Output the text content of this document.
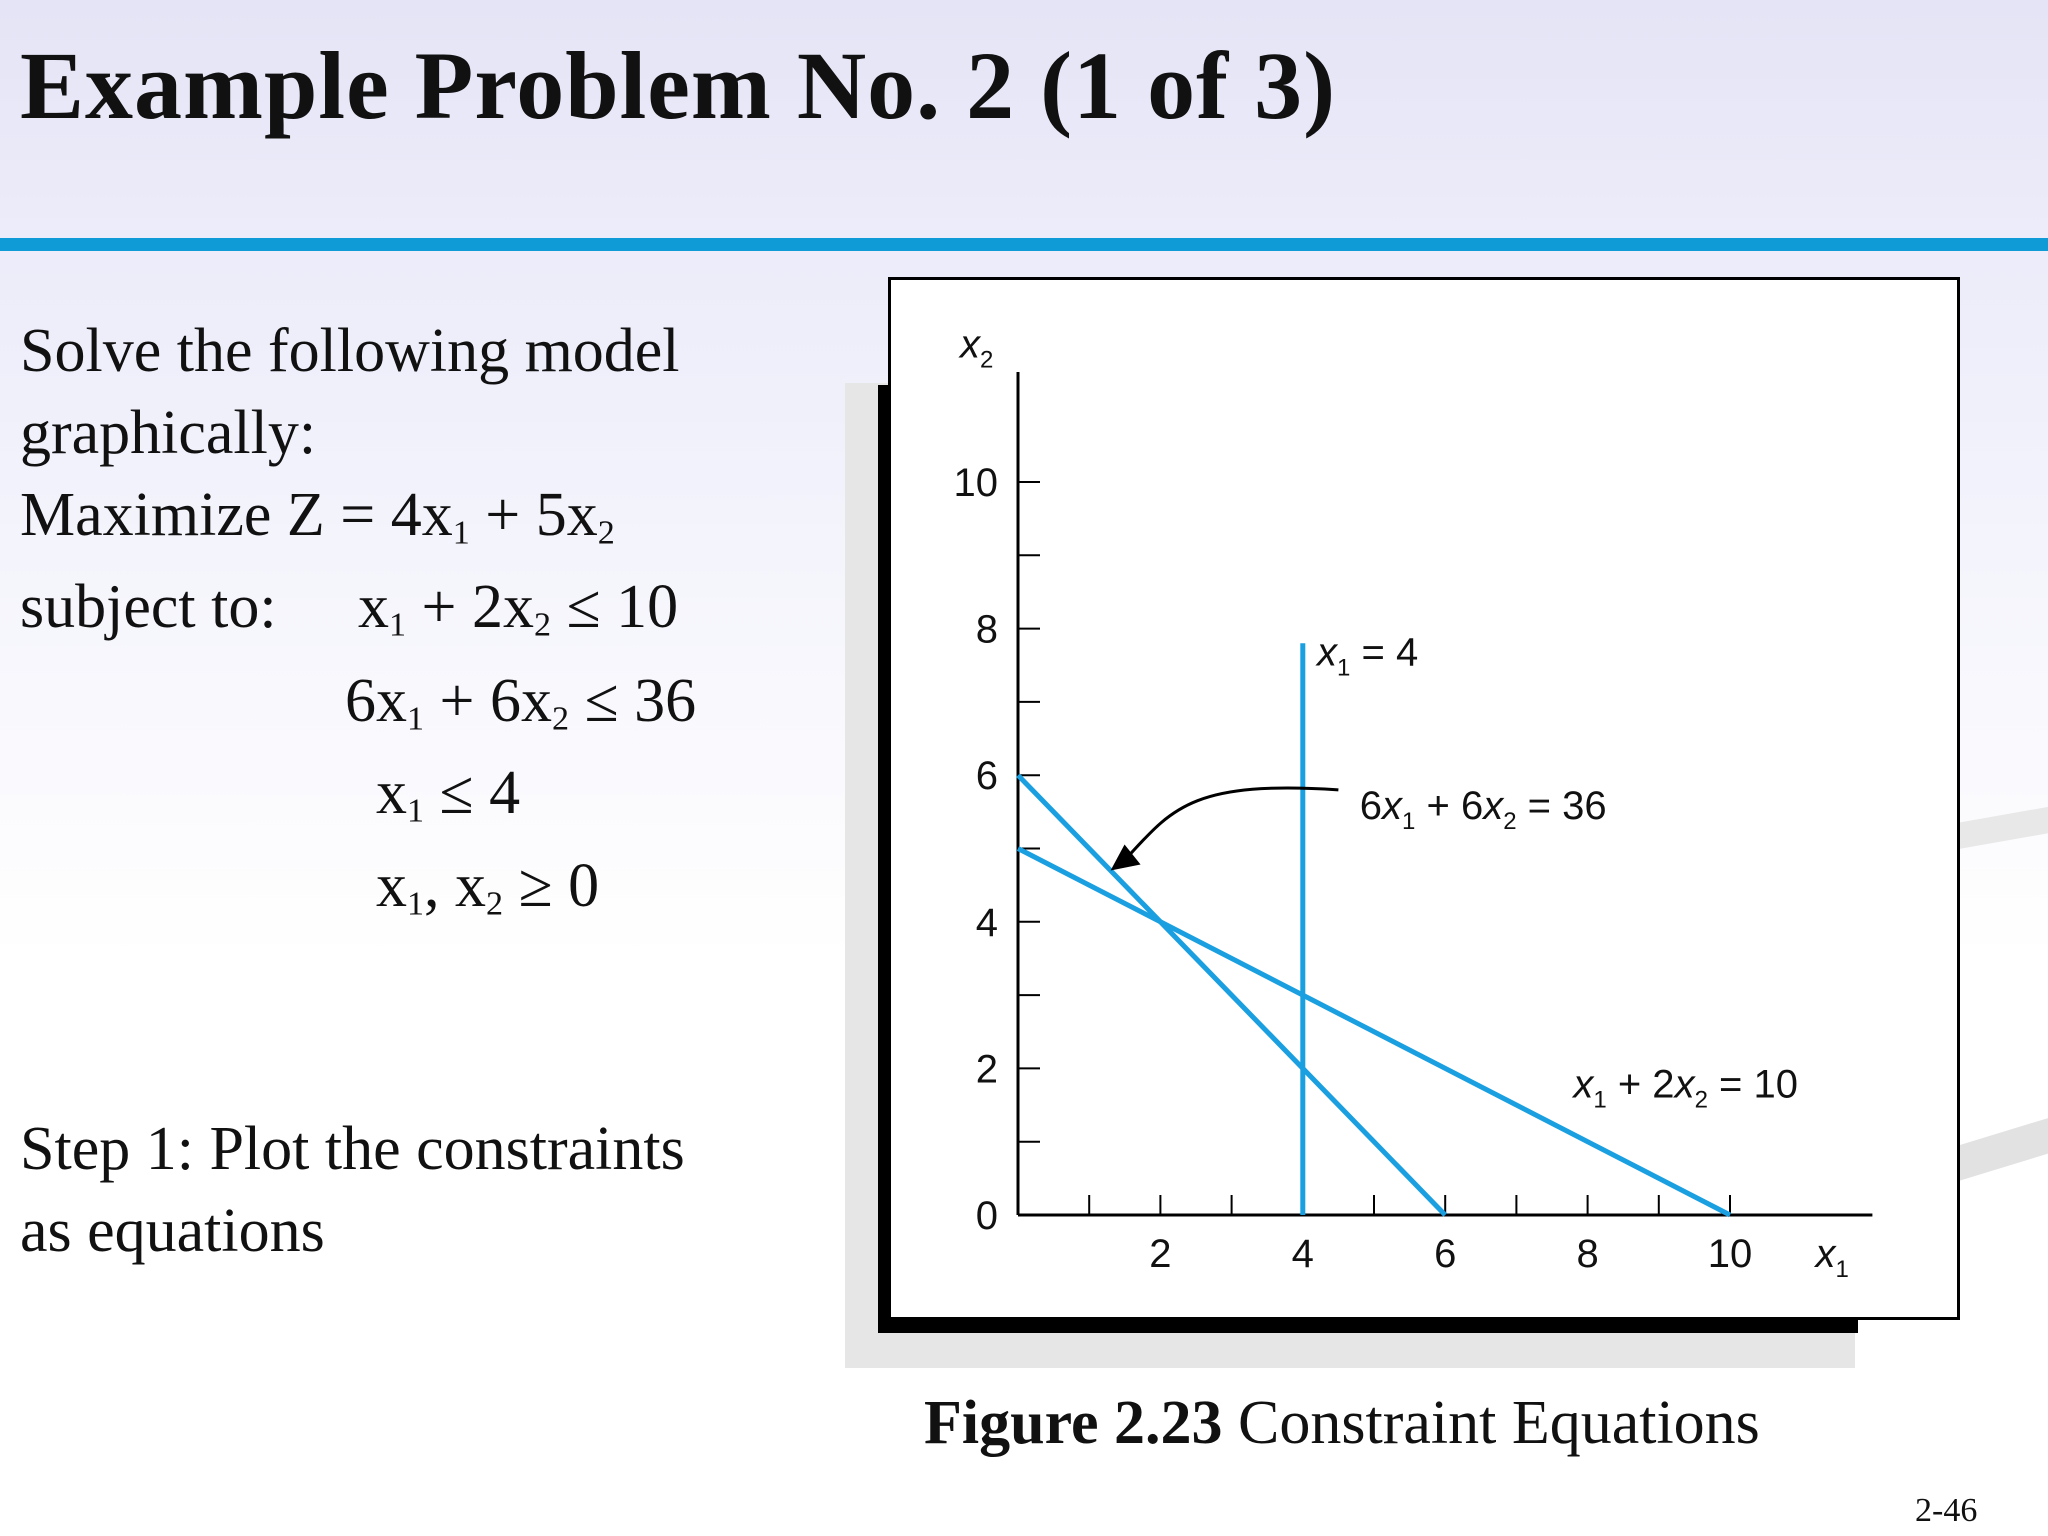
Example Problem No. 2 (1 of 3)
Solve the following model
graphically:
Maximize $Z = 4x_1 + 5x_2$
subject to: $x_1 + 2x_2 \le 10$
$6x_1 + 6x_2 \le 36$
$x_1 \le 4$
$x_1$, $x_2 \ge 0$
Step 1: Plot the constraints
as equations	2	4	6	8	10
0
2
4
6
8
10
$x_1$
$x_2$
$x_1 = 4$
$6x_1 + 6x_2 = 36$
$x_1 + 2x_2 = 10$
Figure 2.23 Constraint Equations
2-46
